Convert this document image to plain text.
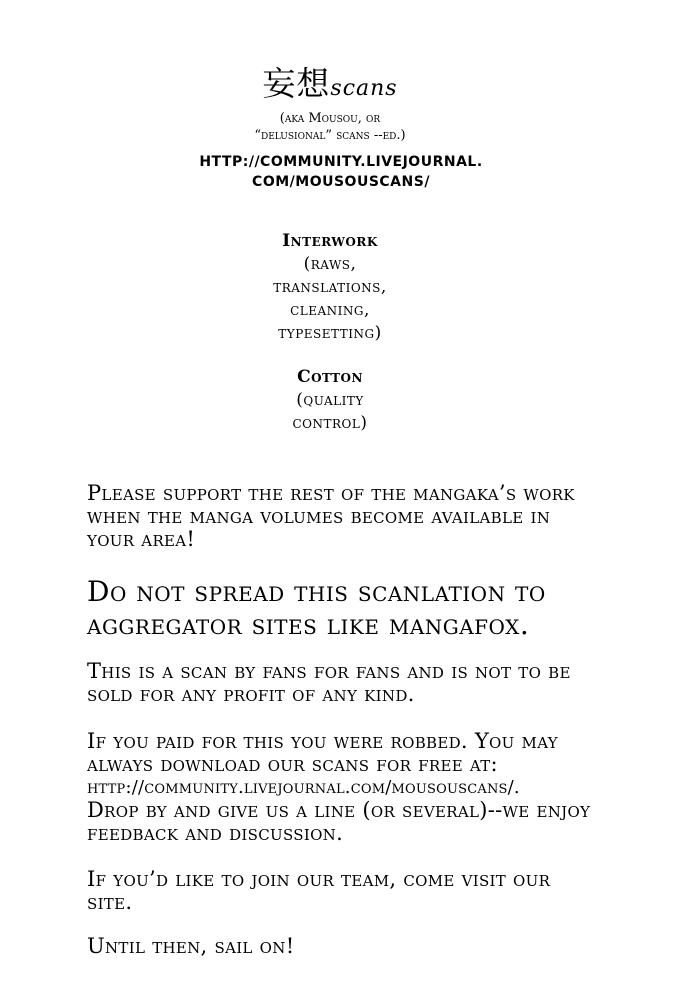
妄想scans
(aka Mousou, or
“delusional” scans --ed.)
HTTP://COMMUNITY.LIVEJOURNAL.
COM/MOUSOUSCANS/
Interwork
(raws,
translations,
cleaning,
typesetting)
Cotton
(quality
control)

Please support the rest of the mangaka’s work
when the manga volumes become available in
your area!

Do not spread this scanlation to
aggregator sites like mangafox.

This is a scan by fans for fans and is not to be
sold for any profit of any kind.

If you paid for this you were robbed. You may
always download our scans for free at:
http://community.livejournal.com/mousouscans/.
Drop by and give us a line (or several)--we enjoy
feedback and discussion.

If you’d like to join our team, come visit our
site.

Until then, sail on!
